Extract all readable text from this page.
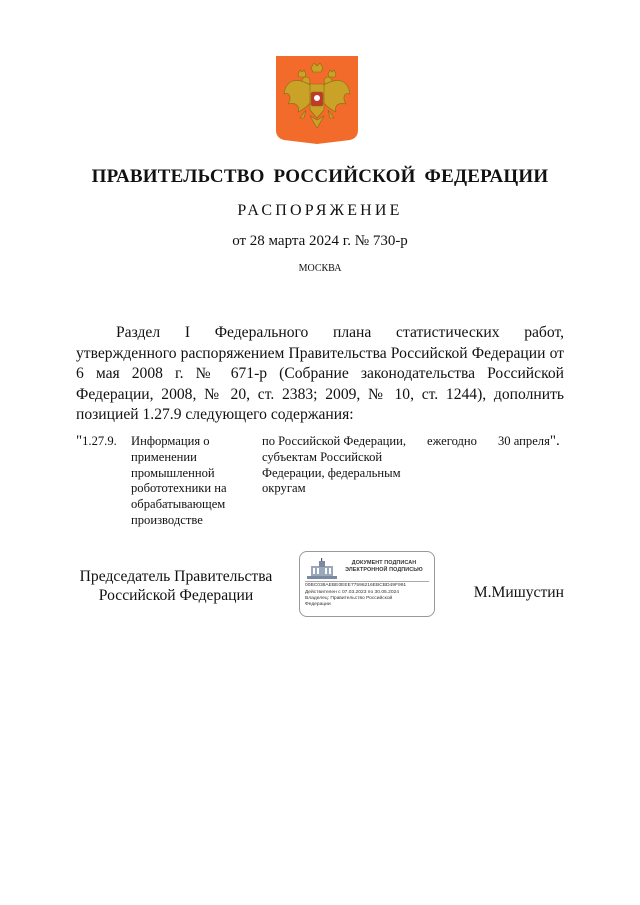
ПРАВИТЕЛЬСТВО РОССИЙСКОЙ ФЕДЕРАЦИИ
РАСПОРЯЖЕНИЕ
от 28 марта 2024 г. № 730-р
МОСКВА
Раздел I Федерального плана статистических работ, утвержденного распоряжением Правительства Российской Федерации от 6 мая 2008 г. № 671-р (Собрание законодательства Российской Федерации, 2008, № 20, ст. 2383; 2009, № 10, ст. 1244), дополнить позицией 1.27.9 следующего содержания:
"1.27.9.	Информация о применении промышленной робототехники на обрабатывающем производстве
по Российской Федерации, субъектам Российской Федерации, федеральным округам
ежегодно	30 апреля".
Председатель Правительства Российской Федерации
ДОКУМЕНТ ПОДПИСАН
ЭЛЕКТРОННОЙ ПОДПИСЬЮ
00BC038AEBE0EEE77596216EBCBD49F991
Действителен с 07.03.2023 по 30.05.2024
Владелец: Правительство Российской
Федерации
М.Мишустин
